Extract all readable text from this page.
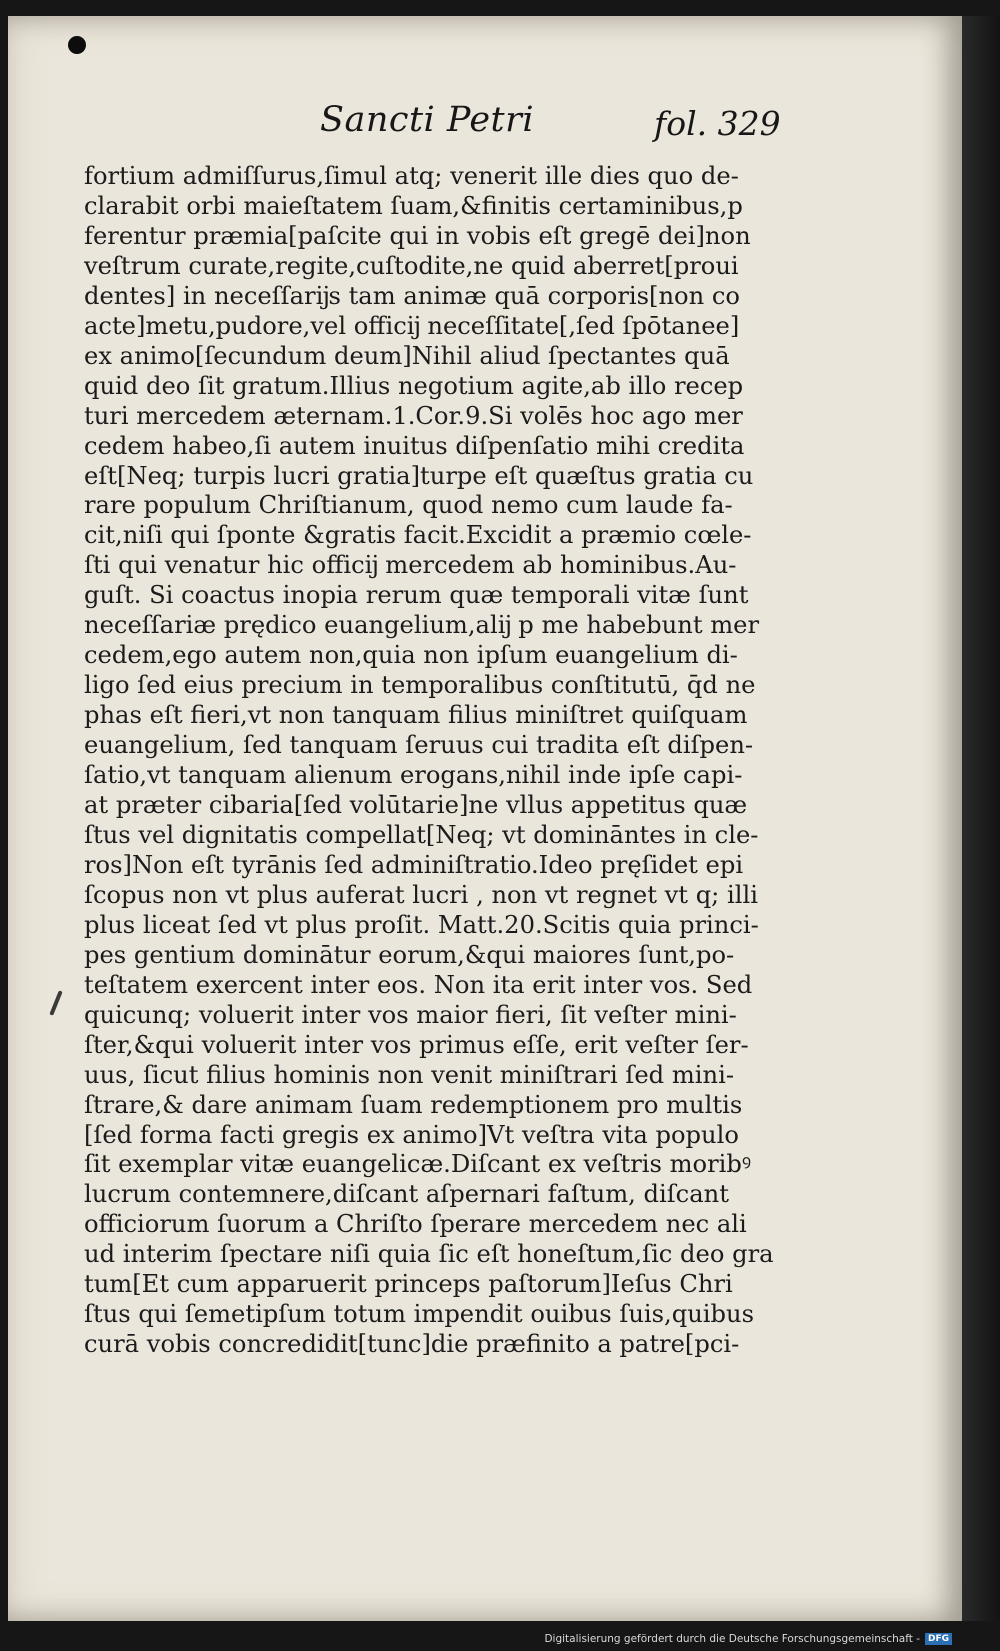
Sancti Petri	fol. 329
fortium admiſſurus,ſimul atq; venerit ille dies quo de-
clarabit orbi maieſtatem ſuam,&finitis certaminibus,p
ferentur præmia[paſcite qui in vobis eſt gregē dei]non
veſtrum curate,regite,cuſtodite,ne quid aberret[proui
dentes] in neceſſarĳs tam animæ quā corporis[non co
acte]metu,pudore,vel officĳ neceſſitate[,ſed ſpōtanee]
ex animo[ſecundum deum]Nihil aliud ſpectantes quā
quid deo ſit gratum.Illius negotium agite,ab illo recep
turi mercedem æternam.1.Cor.9.Si volēs hoc ago mer
cedem habeo,ſi autem inuitus diſpenſatio mihi credita
eſt[Neq; turpis lucri gratia]turpe eſt quæſtus gratia cu
rare populum Chriſtianum, quod nemo cum laude fa-
cit,niſi qui ſponte &gratis facit.Excidit a præmio cœle-
ſti qui venatur hic officĳ mercedem ab hominibus.Au-
guſt. Si coactus inopia rerum quæ temporali vitæ ſunt
neceſſariæ prędico euangelium,alĳ p me habebunt mer
cedem,ego autem non,quia non ipſum euangelium di-
ligo ſed eius precium in temporalibus conſtitutū, q̄d ne
phas eſt fieri,vt non tanquam filius miniſtret quiſquam
euangelium, ſed tanquam ſeruus cui tradita eſt diſpen-
ſatio,vt tanquam alienum erogans,nihil inde ipſe capi-
at præter cibaria[ſed volūtarie]ne vllus appetitus quæ
ſtus vel dignitatis compellat[Neq; vt domināntes in cle-
ros]Non eſt tyrānis ſed adminiſtratio.Ideo pręſidet epi
ſcopus non vt plus auferat lucri , non vt regnet vt q; illi
plus liceat ſed vt plus proſit. Matt.20.Scitis quia princi-
pes gentium dominātur eorum,&qui maiores ſunt,po-
teſtatem exercent inter eos. Non ita erit inter vos. Sed
quicunq; voluerit inter vos maior fieri, ſit veſter mini-
ſter,&qui voluerit inter vos primus eſſe, erit veſter ſer-
uus, ſicut filius hominis non venit miniſtrari ſed mini-
ſtrare,& dare animam ſuam redemptionem pro multis
[ſed forma facti gregis ex animo]Vt veſtra vita populo
ſit exemplar vitæ euangelicæ.Diſcant ex veſtris moribꝰ
lucrum contemnere,diſcant aſpernari faſtum, diſcant
officiorum ſuorum a Chriſto ſperare mercedem nec ali
ud interim ſpectare niſi quia ſic eſt honeſtum,ſic deo gra
tum[Et cum apparuerit princeps paſtorum]Ieſus Chri
ſtus qui ſemetipſum totum impendit ouibus ſuis,quibus
curā vobis concredidit[tunc]die præfinito a patre[pci-
Digitalisierung gefördert durch die Deutsche Forschungsgemeinschaft - DFG
